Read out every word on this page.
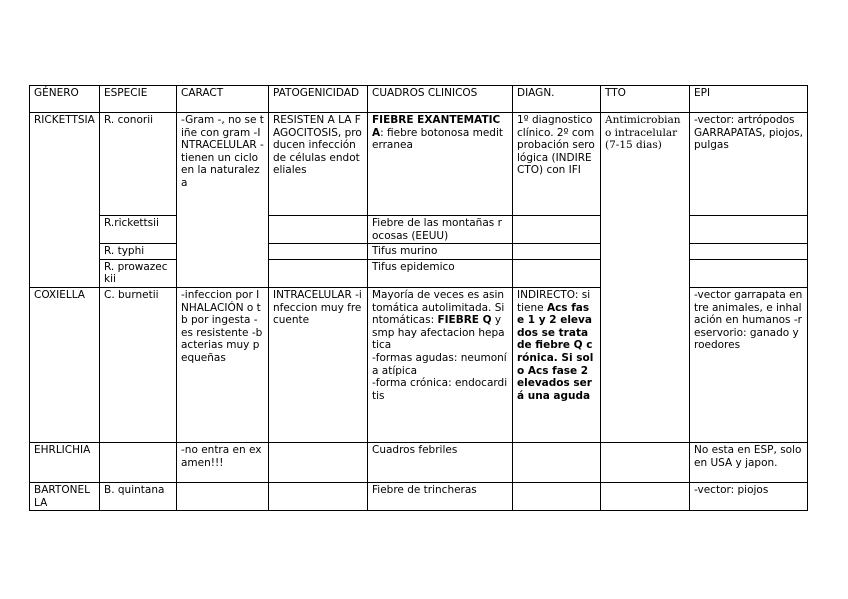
GÉNERO	ESPECIE	CARACT	PATOGENICIDAD	CUADROS CLINICOS	DIAGN.	TTO	EPI
RICKETTSIA	R. conorii	-Gram -, no se tiñe con gram -INTRACELULAR -tienen un ciclo en la naturaleza	RESISTEN A LA FAGOCITOSIS, producen infección de células endoteliales	FIEBRE EXANTEMATICA: fiebre botonosa mediterranea	1º diagnostico clínico. 2º comprobación serológica (INDIRECTO) con IFI	Antimicrobiano intracelular (7-15 dias)	-vector: artrópodos GARRAPATAS, piojos, pulgas
	R.rickettsii			Fiebre de las montañas rocosas (EEUU)			
	R. typhi			Tifus murino			
	R. prowazeckii			Tifus epidemico			
COXIELLA	C. burnetii	-infeccion por INHALACIÓN o tb por ingesta -es resistente -bacterias muy pequeñas	INTRACELULAR -infeccion muy frecuente	Mayoría de veces es asintomática autolimitada. Sintomáticas: FIEBRE Q y smp hay afectacion hepatica
-formas agudas: neumonía atípica
-forma crónica: endocarditis	INDIRECTO: si tiene Acs fase 1 y 2 elevados se trata de fiebre Q crónica. Si solo Acs fase 2 elevados será una aguda		-vector garrapata entre animales, e inhalación en humanos -reservorio: ganado y roedores
EHRLICHIA		-no entra en examen!!!		Cuadros febriles			No esta en ESP, solo en USA y japon.
BARTONELLA	B. quintana			Fiebre de trincheras			-vector: piojos
